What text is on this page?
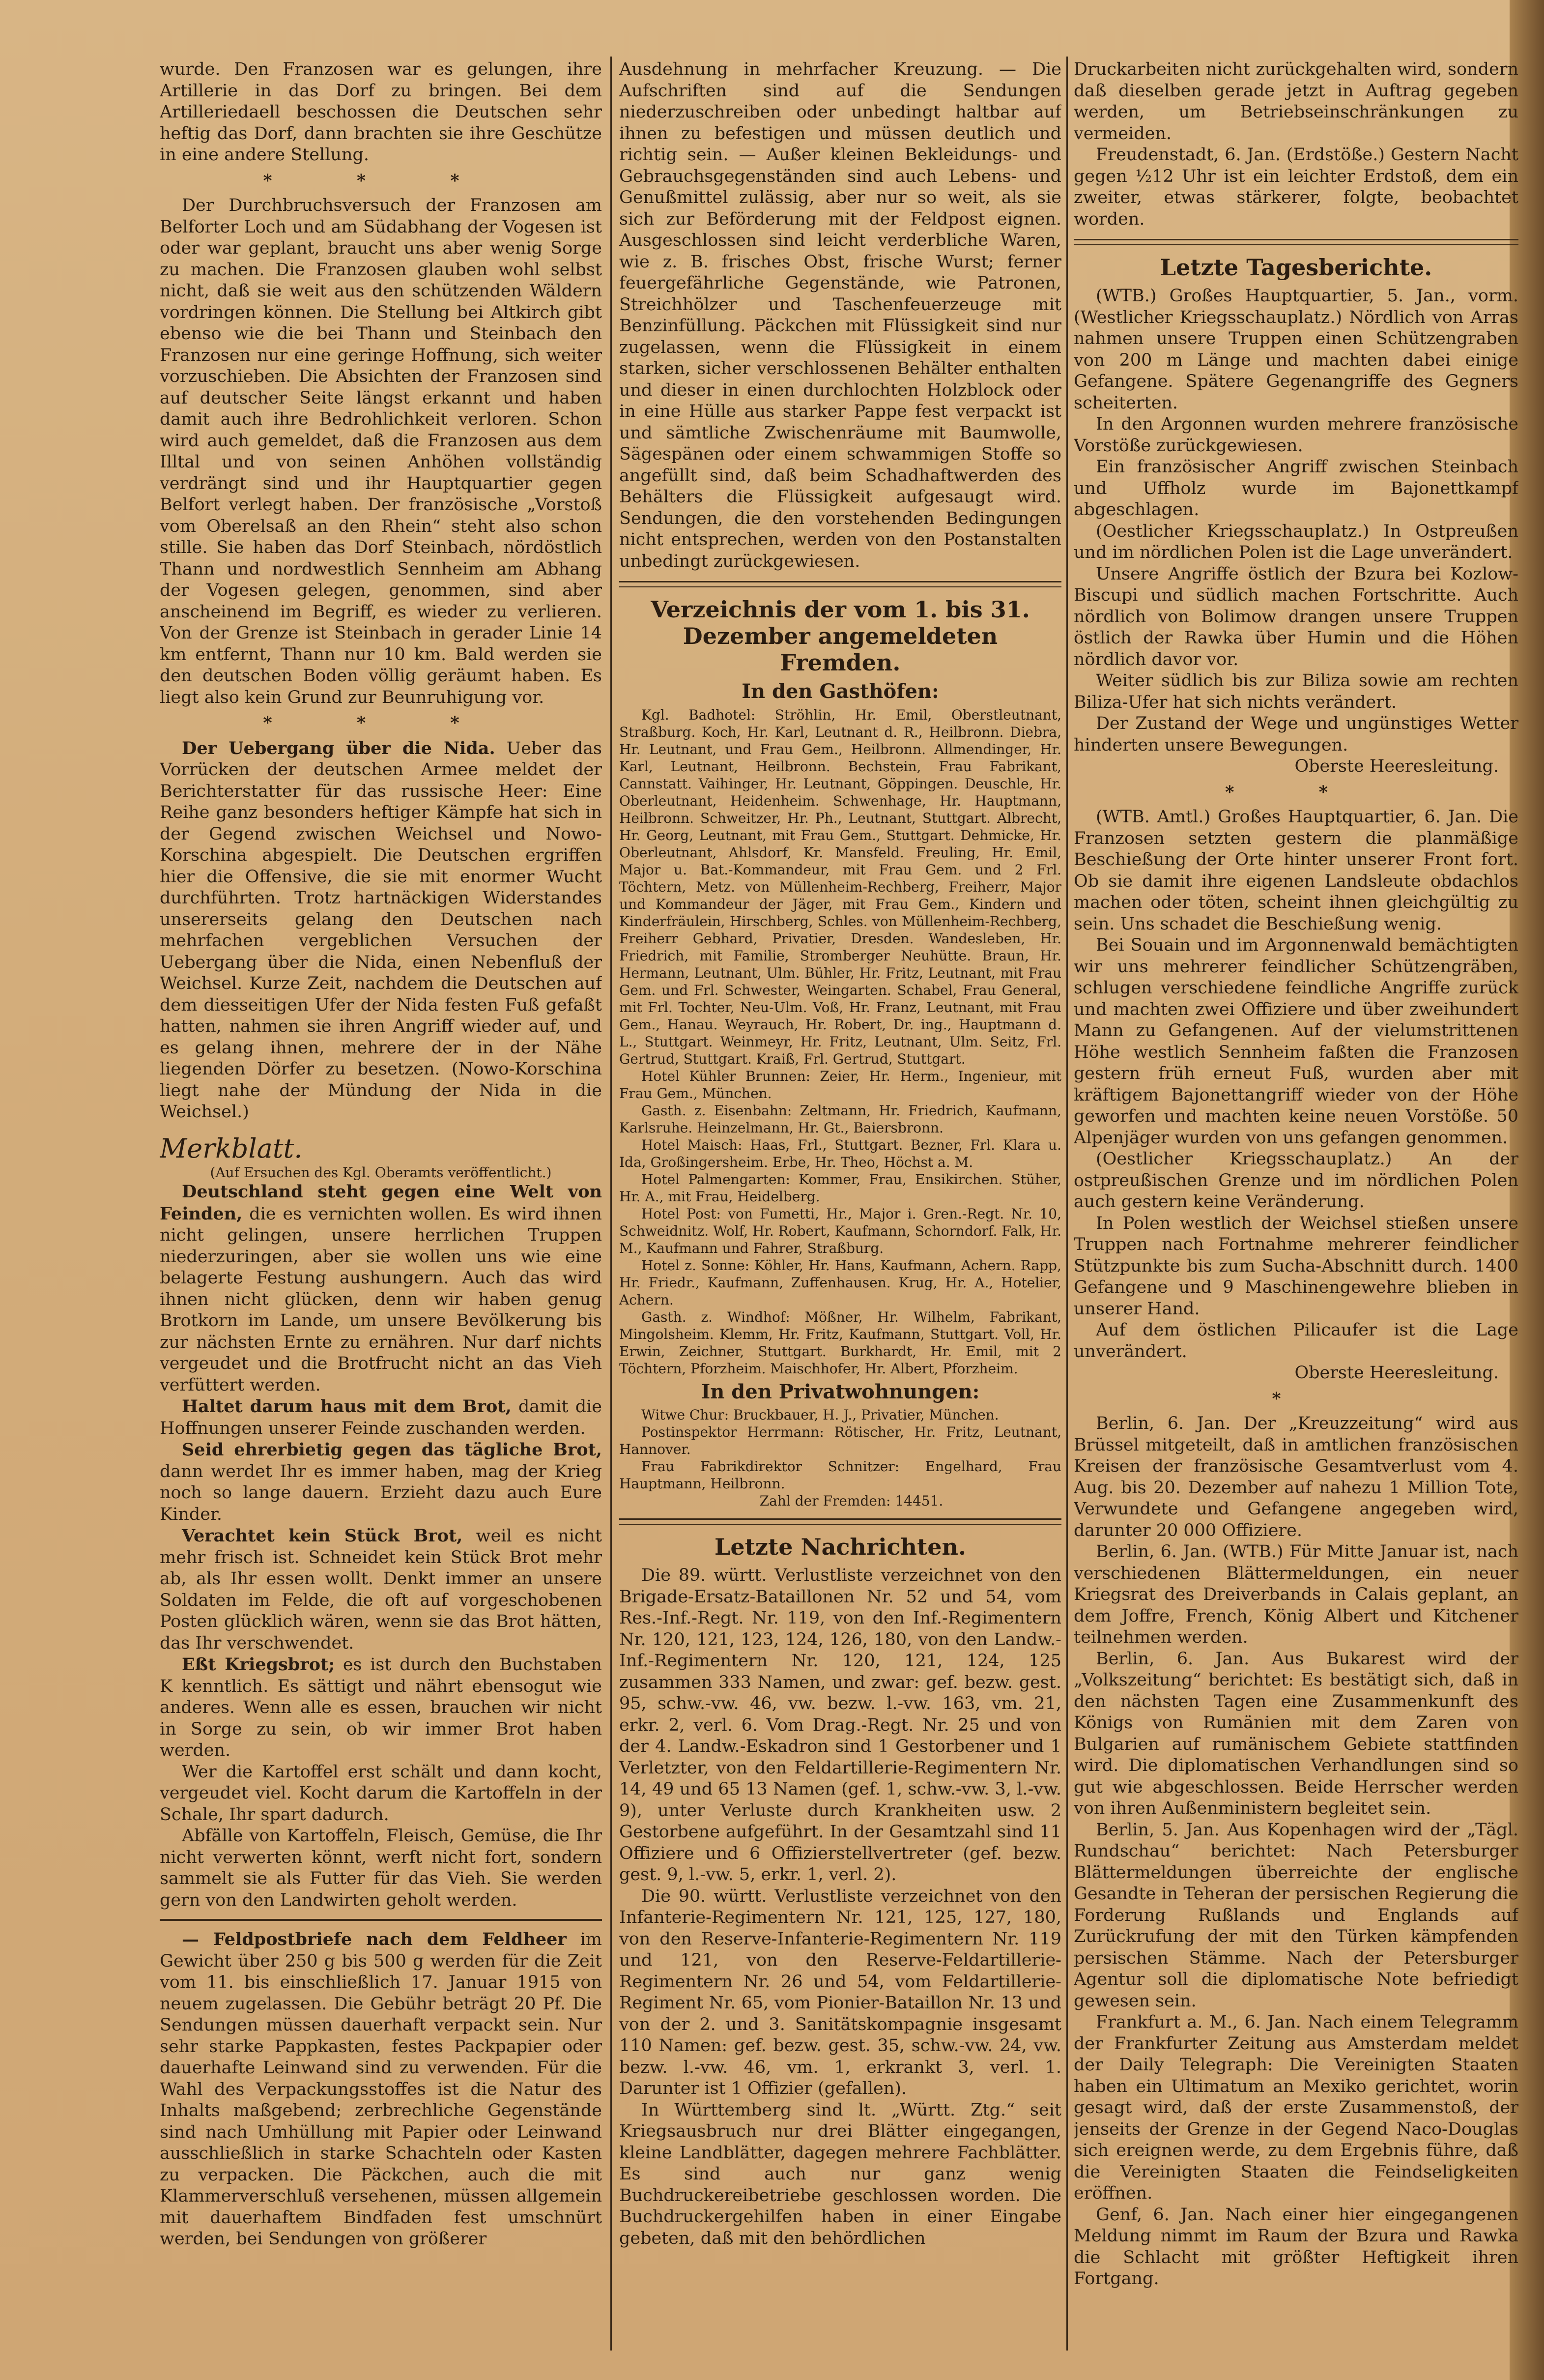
wurde. Den Franzosen war es gelungen, ihre Artillerie in das Dorf zu bringen. Bei dem Artilleriedaell beschossen die Deutschen sehr heftig das Dorf, dann brachten sie ihre Geschütze in eine andere Stellung.

* * *

Der Durchbruchsversuch der Franzosen am Belforter Loch und am Südabhang der Vogesen ist oder war geplant, braucht uns aber wenig Sorge zu machen. Die Franzosen glauben wohl selbst nicht, daß sie weit aus den schützenden Wäldern vordringen können. Die Stellung bei Altkirch gibt ebenso wie die bei Thann und Steinbach den Franzosen nur eine geringe Hoffnung, sich weiter vorzuschieben. Die Absichten der Franzosen sind auf deutscher Seite längst erkannt und haben damit auch ihre Bedrohlichkeit verloren. Schon wird auch gemeldet, daß die Franzosen aus dem Illtal und von seinen Anhöhen vollständig verdrängt sind und ihr Hauptquartier gegen Belfort verlegt haben. Der französische „Vorstoß vom Oberelsaß an den Rhein“ steht also schon stille. Sie haben das Dorf Steinbach, nördöstlich Thann und nordwestlich Sennheim am Abhang der Vogesen gelegen, genommen, sind aber anscheinend im Begriff, es wieder zu verlieren. Von der Grenze ist Steinbach in gerader Linie 14 km entfernt, Thann nur 10 km. Bald werden sie den deutschen Boden völlig geräumt haben. Es liegt also kein Grund zur Beunruhigung vor.

* * *

Der Uebergang über die Nida. Ueber das Vorrücken der deutschen Armee meldet der Berichterstatter für das russische Heer: Eine Reihe ganz besonders heftiger Kämpfe hat sich in der Gegend zwischen Weichsel und Nowo-Korschina abgespielt. Die Deutschen ergriffen hier die Offensive, die sie mit enormer Wucht durchführten. Trotz hartnäckigen Widerstandes unsererseits gelang den Deutschen nach mehrfachen vergeblichen Versuchen der Uebergang über die Nida, einen Nebenfluß der Weichsel. Kurze Zeit, nachdem die Deutschen auf dem diesseitigen Ufer der Nida festen Fuß gefaßt hatten, nahmen sie ihren Angriff wieder auf, und es gelang ihnen, mehrere der in der Nähe liegenden Dörfer zu besetzen. (Nowo-Korschina liegt nahe der Mündung der Nida in die Weichsel.)

Merkblatt.
(Auf Ersuchen des Kgl. Oberamts veröffentlicht.)

Deutschland steht gegen eine Welt von Feinden, die es vernichten wollen. Es wird ihnen nicht gelingen, unsere herrlichen Truppen niederzuringen, aber sie wollen uns wie eine belagerte Festung aushungern. Auch das wird ihnen nicht glücken, denn wir haben genug Brotkorn im Lande, um unsere Bevölkerung bis zur nächsten Ernte zu ernähren. Nur darf nichts vergeudet und die Brotfrucht nicht an das Vieh verfüttert werden.

Haltet darum haus mit dem Brot, damit die Hoffnungen unserer Feinde zuschanden werden.

Seid ehrerbietig gegen das tägliche Brot, dann werdet Ihr es immer haben, mag der Krieg noch so lange dauern. Erzieht dazu auch Eure Kinder.

Verachtet kein Stück Brot, weil es nicht mehr frisch ist. Schneidet kein Stück Brot mehr ab, als Ihr essen wollt. Denkt immer an unsere Soldaten im Felde, die oft auf vorgeschobenen Posten glücklich wären, wenn sie das Brot hätten, das Ihr verschwendet.

Eßt Kriegsbrot; es ist durch den Buchstaben K kenntlich. Es sättigt und nährt ebensogut wie anderes. Wenn alle es essen, brauchen wir nicht in Sorge zu sein, ob wir immer Brot haben werden.

Wer die Kartoffel erst schält und dann kocht, vergeudet viel. Kocht darum die Kartoffeln in der Schale, Ihr spart dadurch.

Abfälle von Kartoffeln, Fleisch, Gemüse, die Ihr nicht verwerten könnt, werft nicht fort, sondern sammelt sie als Futter für das Vieh. Sie werden gern von den Landwirten geholt werden.

— Feldpostbriefe nach dem Feldheer im Gewicht über 250 g bis 500 g werden für die Zeit vom 11. bis einschließlich 17. Januar 1915 von neuem zugelassen. Die Gebühr beträgt 20 Pf. Die Sendungen müssen dauerhaft verpackt sein. Nur sehr starke Pappkasten, festes Packpapier oder dauerhafte Leinwand sind zu verwenden. Für die Wahl des Verpackungsstoffes ist die Natur des Inhalts maßgebend; zerbrechliche Gegenstände sind nach Umhüllung mit Papier oder Leinwand ausschließlich in starke Schachteln oder Kasten zu verpacken. Die Päckchen, auch die mit Klammerverschluß versehenen, müssen allgemein mit dauerhaftem Bindfaden fest umschnürt werden, bei Sendungen von größerer

Ausdehnung in mehrfacher Kreuzung. — Die Aufschriften sind auf die Sendungen niederzuschreiben oder unbedingt haltbar auf ihnen zu befestigen und müssen deutlich und richtig sein. — Außer kleinen Bekleidungs- und Gebrauchsgegenständen sind auch Lebens- und Genußmittel zulässig, aber nur so weit, als sie sich zur Beförderung mit der Feldpost eignen. Ausgeschlossen sind leicht verderbliche Waren, wie z. B. frisches Obst, frische Wurst; ferner feuergefährliche Gegenstände, wie Patronen, Streichhölzer und Taschenfeuerzeuge mit Benzinfüllung. Päckchen mit Flüssigkeit sind nur zugelassen, wenn die Flüssigkeit in einem starken, sicher verschlossenen Behälter enthalten und dieser in einen durchlochten Holzblock oder in eine Hülle aus starker Pappe fest verpackt ist und sämtliche Zwischenräume mit Baumwolle, Sägespänen oder einem schwammigen Stoffe so angefüllt sind, daß beim Schadhaftwerden des Behälters die Flüssigkeit aufgesaugt wird. Sendungen, die den vorstehenden Bedingungen nicht entsprechen, werden von den Postanstalten unbedingt zurückgewiesen.

Verzeichnis der vom 1. bis 31. Dezember angemeldeten Fremden.
In den Gasthöfen:

Kgl. Badhotel: Ströhlin, Hr. Emil, Oberstleutnant, Straßburg. Koch, Hr. Karl, Leutnant d. R., Heilbronn. Diebra, Hr. Leutnant, und Frau Gem., Heilbronn. Allmendinger, Hr. Karl, Leutnant, Heilbronn. Bechstein, Frau Fabrikant, Cannstatt. Vaihinger, Hr. Leutnant, Göppingen. Deuschle, Hr. Oberleutnant, Heidenheim. Schwenhage, Hr. Hauptmann, Heilbronn. Schweitzer, Hr. Ph., Leutnant, Stuttgart. Albrecht, Hr. Georg, Leutnant, mit Frau Gem., Stuttgart. Dehmicke, Hr. Oberleutnant, Ahlsdorf, Kr. Mansfeld. Freuling, Hr. Emil, Major u. Bat.-Kommandeur, mit Frau Gem. und 2 Frl. Töchtern, Metz. von Müllenheim-Rechberg, Freiherr, Major und Kommandeur der Jäger, mit Frau Gem., Kindern und Kinderfräulein, Hirschberg, Schles. von Müllenheim-Rechberg, Freiherr Gebhard, Privatier, Dresden. Wandesleben, Hr. Friedrich, mit Familie, Stromberger Neuhütte. Braun, Hr. Hermann, Leutnant, Ulm. Bühler, Hr. Fritz, Leutnant, mit Frau Gem. und Frl. Schwester, Weingarten. Schabel, Frau General, mit Frl. Tochter, Neu-Ulm. Voß, Hr. Franz, Leutnant, mit Frau Gem., Hanau. Weyrauch, Hr. Robert, Dr. ing., Hauptmann d. L., Stuttgart. Weinmeyr, Hr. Fritz, Leutnant, Ulm. Seitz, Frl. Gertrud, Stuttgart. Kraiß, Frl. Gertrud, Stuttgart.

Hotel Kühler Brunnen: Zeier, Hr. Herm., Ingenieur, mit Frau Gem., München.

Gasth. z. Eisenbahn: Zeltmann, Hr. Friedrich, Kaufmann, Karlsruhe. Heinzelmann, Hr. Gt., Baiersbronn.

Hotel Maisch: Haas, Frl., Stuttgart. Bezner, Frl. Klara u. Ida, Großingersheim. Erbe, Hr. Theo, Höchst a. M.

Hotel Palmengarten: Kommer, Frau, Ensikirchen. Stüher, Hr. A., mit Frau, Heidelberg.

Hotel Post: von Fumetti, Hr., Major i. Gren.-Regt. Nr. 10, Schweidnitz. Wolf, Hr. Robert, Kaufmann, Schorndorf. Falk, Hr. M., Kaufmann und Fahrer, Straßburg.

Hotel z. Sonne: Köhler, Hr. Hans, Kaufmann, Achern. Rapp, Hr. Friedr., Kaufmann, Zuffenhausen. Krug, Hr. A., Hotelier, Achern.

Gasth. z. Windhof: Mößner, Hr. Wilhelm, Fabrikant, Mingolsheim. Klemm, Hr. Fritz, Kaufmann, Stuttgart. Voll, Hr. Erwin, Zeichner, Stuttgart. Burkhardt, Hr. Emil, mit 2 Töchtern, Pforzheim. Maischhofer, Hr. Albert, Pforzheim.

In den Privatwohnungen:

Witwe Chur: Bruckbauer, H. J., Privatier, München.

Postinspektor Herrmann: Rötischer, Hr. Fritz, Leutnant, Hannover.

Frau Fabrikdirektor Schnitzer: Engelhard, Frau Hauptmann, Heilbronn.

Zahl der Fremden: 14451.

Letzte Nachrichten.

Die 89. württ. Verlustliste verzeichnet von den Brigade-Ersatz-Bataillonen Nr. 52 und 54, vom Res.-Inf.-Regt. Nr. 119, von den Inf.-Regimentern Nr. 120, 121, 123, 124, 126, 180, von den Landw.-Inf.-Regimentern Nr. 120, 121, 124, 125 zusammen 333 Namen, und zwar: gef. bezw. gest. 95, schw.-vw. 46, vw. bezw. l.-vw. 163, vm. 21, erkr. 2, verl. 6. Vom Drag.-Regt. Nr. 25 und von der 4. Landw.-Eskadron sind 1 Gestorbener und 1 Verletzter, von den Feldartillerie-Regimentern Nr. 14, 49 und 65 13 Namen (gef. 1, schw.-vw. 3, l.-vw. 9), unter Verluste durch Krankheiten usw. 2 Gestorbene aufgeführt. In der Gesamtzahl sind 11 Offiziere und 6 Offizierstellvertreter (gef. bezw. gest. 9, l.-vw. 5, erkr. 1, verl. 2).

Die 90. württ. Verlustliste verzeichnet von den Infanterie-Regimentern Nr. 121, 125, 127, 180, von den Reserve-Infanterie-Regimentern Nr. 119 und 121, von den Reserve-Feldartillerie-Regimentern Nr. 26 und 54, vom Feldartillerie-Regiment Nr. 65, vom Pionier-Bataillon Nr. 13 und von der 2. und 3. Sanitätskompagnie insgesamt 110 Namen: gef. bezw. gest. 35, schw.-vw. 24, vw. bezw. l.-vw. 46, vm. 1, erkrankt 3, verl. 1. Darunter ist 1 Offizier (gefallen).

In Württemberg sind lt. „Württ. Ztg.“ seit Kriegsausbruch nur drei Blätter eingegangen, kleine Landblätter, dagegen mehrere Fachblätter. Es sind auch nur ganz wenig Buchdruckereibetriebe geschlossen worden. Die Buchdruckergehilfen haben in einer Eingabe gebeten, daß mit den behördlichen

Druckarbeiten nicht zurückgehalten wird, sondern daß dieselben gerade jetzt in Auftrag gegeben werden, um Betriebseinschränkungen zu vermeiden.

Freudenstadt, 6. Jan. (Erdstöße.) Gestern Nacht gegen ½12 Uhr ist ein leichter Erdstoß, dem ein zweiter, etwas stärkerer, folgte, beobachtet worden.

Letzte Tagesberichte.

(WTB.) Großes Hauptquartier, 5. Jan., vorm. (Westlicher Kriegsschauplatz.) Nördlich von Arras nahmen unsere Truppen einen Schützengraben von 200 m Länge und machten dabei einige Gefangene. Spätere Gegenangriffe des Gegners scheiterten.

In den Argonnen wurden mehrere französische Vorstöße zurückgewiesen.

Ein französischer Angriff zwischen Steinbach und Uffholz wurde im Bajonettkampf abgeschlagen.

(Oestlicher Kriegsschauplatz.) In Ostpreußen und im nördlichen Polen ist die Lage unverändert.

Unsere Angriffe östlich der Bzura bei Kozlow-Biscupi und südlich machen Fortschritte. Auch nördlich von Bolimow drangen unsere Truppen östlich der Rawka über Humin und die Höhen nördlich davor vor.

Weiter südlich bis zur Biliza sowie am rechten Biliza-Ufer hat sich nichts verändert.

Der Zustand der Wege und ungünstiges Wetter hinderten unsere Bewegungen.

Oberste Heeresleitung.
* *

(WTB. Amtl.) Großes Hauptquartier, 6. Jan. Die Franzosen setzten gestern die planmäßige Beschießung der Orte hinter unserer Front fort. Ob sie damit ihre eigenen Landsleute obdachlos machen oder töten, scheint ihnen gleichgültig zu sein. Uns schadet die Beschießung wenig.

Bei Souain und im Argonnenwald bemächtigten wir uns mehrerer feindlicher Schützengräben, schlugen verschiedene feindliche Angriffe zurück und machten zwei Offiziere und über zweihundert Mann zu Gefangenen. Auf der vielumstrittenen Höhe westlich Sennheim faßten die Franzosen gestern früh erneut Fuß, wurden aber mit kräftigem Bajonettangriff wieder von der Höhe geworfen und machten keine neuen Vorstöße. 50 Alpenjäger wurden von uns gefangen genommen.

(Oestlicher Kriegsschauplatz.) An der ostpreußischen Grenze und im nördlichen Polen auch gestern keine Veränderung.

In Polen westlich der Weichsel stießen unsere Truppen nach Fortnahme mehrerer feindlicher Stützpunkte bis zum Sucha-Abschnitt durch. 1400 Gefangene und 9 Maschinengewehre blieben in unserer Hand.

Auf dem östlichen Pilicaufer ist die Lage unverändert.

Oberste Heeresleitung.
*

Berlin, 6. Jan. Der „Kreuzzeitung“ wird aus Brüssel mitgeteilt, daß in amtlichen französischen Kreisen der französische Gesamtverlust vom 4. Aug. bis 20. Dezember auf nahezu 1 Million Tote, Verwundete und Gefangene angegeben wird, darunter 20 000 Offiziere.

Berlin, 6. Jan. (WTB.) Für Mitte Januar ist, nach verschiedenen Blättermeldungen, ein neuer Kriegsrat des Dreiverbands in Calais geplant, an dem Joffre, French, König Albert und Kitchener teilnehmen werden.

Berlin, 6. Jan. Aus Bukarest wird der „Volkszeitung“ berichtet: Es bestätigt sich, daß in den nächsten Tagen eine Zusammenkunft des Königs von Rumänien mit dem Zaren von Bulgarien auf rumänischem Gebiete stattfinden wird. Die diplomatischen Verhandlungen sind so gut wie abgeschlossen. Beide Herrscher werden von ihren Außenministern begleitet sein.

Berlin, 5. Jan. Aus Kopenhagen wird der „Tägl. Rundschau“ berichtet: Nach Petersburger Blättermeldungen überreichte der englische Gesandte in Teheran der persischen Regierung die Forderung Rußlands und Englands auf Zurückrufung der mit den Türken kämpfenden persischen Stämme. Nach der Petersburger Agentur soll die diplomatische Note befriedigt gewesen sein.

Frankfurt a. M., 6. Jan. Nach einem Telegramm der Frankfurter Zeitung aus Amsterdam meldet der Daily Telegraph: Die Vereinigten Staaten haben ein Ultimatum an Mexiko gerichtet, worin gesagt wird, daß der erste Zusammenstoß, der jenseits der Grenze in der Gegend Naco-Douglas sich ereignen werde, zu dem Ergebnis führe, daß die Vereinigten Staaten die Feindseligkeiten eröffnen.

Genf, 6. Jan. Nach einer hier eingegangenen Meldung nimmt im Raum der Bzura und Rawka die Schlacht mit größter Heftigkeit ihren Fortgang.
